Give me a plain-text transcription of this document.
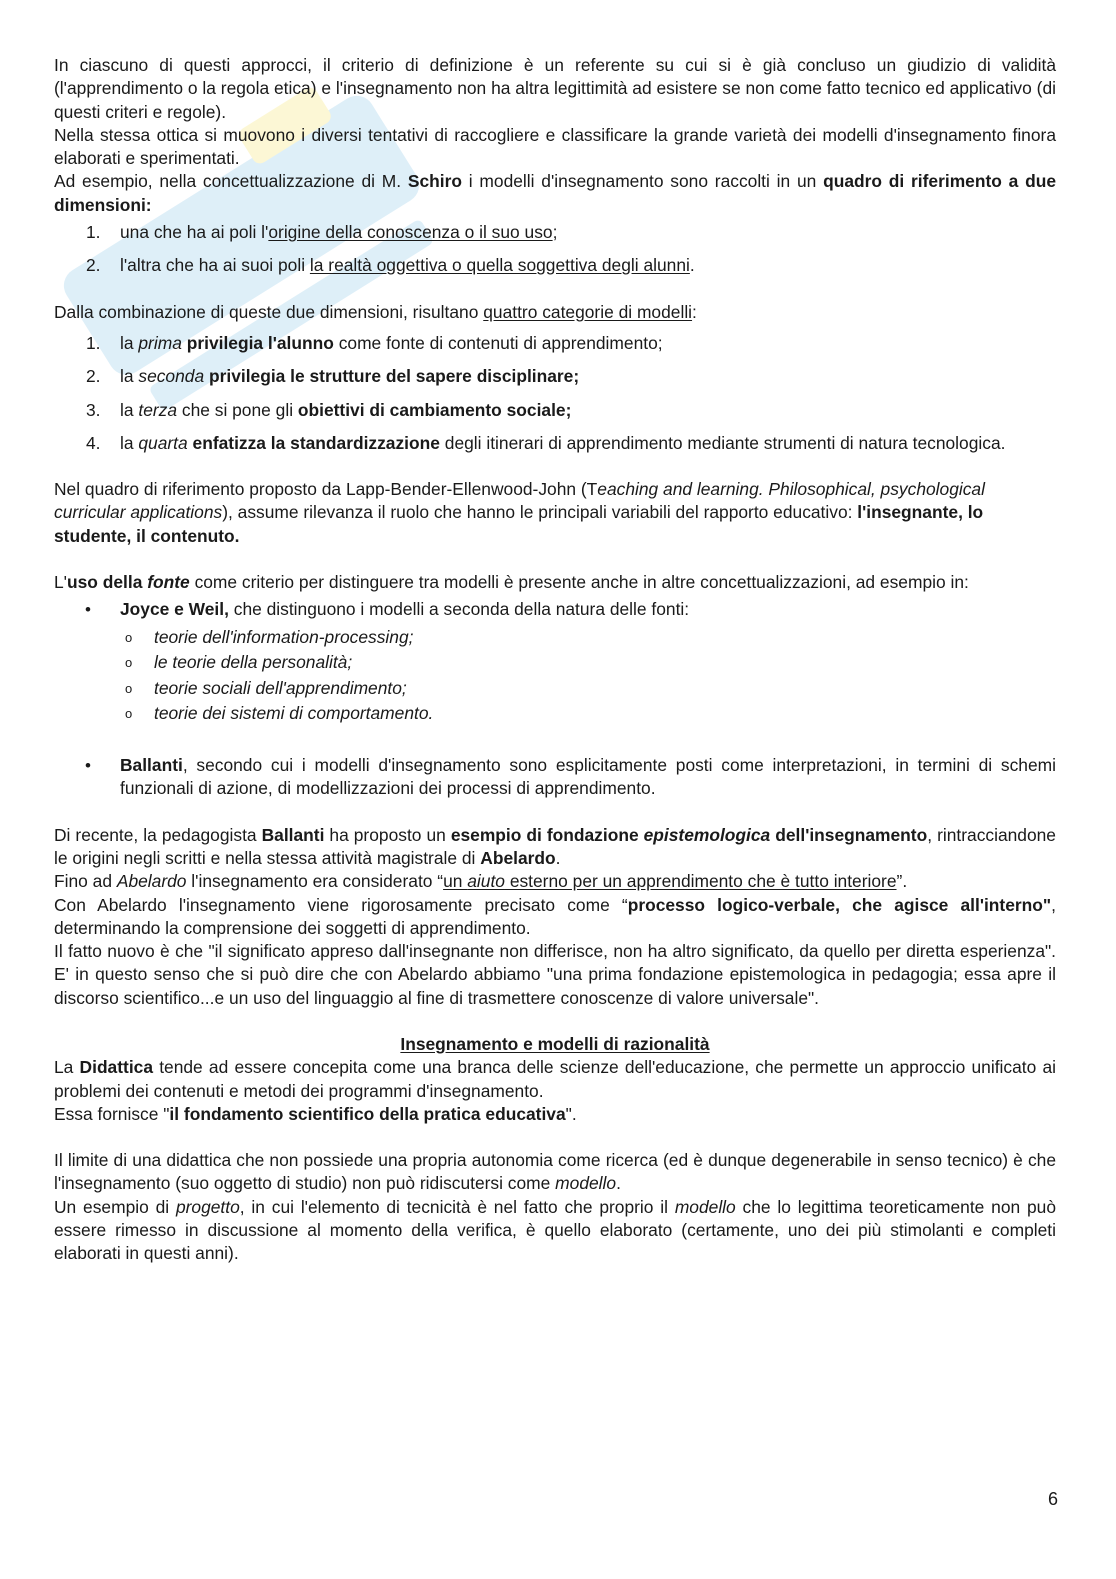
In ciascuno di questi approcci, il criterio di definizione è un referente su cui si è già concluso un giudizio di validità (l'apprendimento o la regola etica) e l'insegnamento non ha altra legittimità ad esistere se non come fatto tecnico ed applicativo (di questi criteri e regole).

Nella stessa ottica si muovono i diversi tentativi di raccogliere e classificare la grande varietà dei modelli d'insegnamento finora elaborati e sperimentati.

Ad esempio, nella concettualizzazione di M. Schiro i modelli d'insegnamento sono raccolti in un quadro di riferimento a due dimensioni:

1. una che ha ai poli l'origine della conoscenza o il suo uso;
2. l'altra che ha ai suoi poli la realtà oggettiva o quella soggettiva degli alunni.

Dalla combinazione di queste due dimensioni, risultano quattro categorie di modelli:

1. la prima privilegia l'alunno come fonte di contenuti di apprendimento;
2. la seconda privilegia le strutture del sapere disciplinare;
3. la terza che si pone gli obiettivi di cambiamento sociale;
4. la quarta enfatizza la standardizzazione degli itinerari di apprendimento mediante strumenti di natura tecnologica.

Nel quadro di riferimento proposto da Lapp-Bender-Ellenwood-John (Teaching and learning. Philosophical, psychological curricular applications), assume rilevanza il ruolo che hanno le principali variabili del rapporto educativo: l'insegnante, lo studente, il contenuto.

L'uso della fonte come criterio per distinguere tra modelli è presente anche in altre concettualizzazioni, ad esempio in:

• Joyce e Weil, che distinguono i modelli a seconda della natura delle fonti:
o teorie dell'information-processing;
o le teorie della personalità;
o teorie sociali dell'apprendimento;
o teorie dei sistemi di comportamento.
• Ballanti, secondo cui i modelli d'insegnamento sono esplicitamente posti come interpretazioni, in termini di schemi funzionali di azione, di modellizzazioni dei processi di apprendimento.

Di recente, la pedagogista Ballanti ha proposto un esempio di fondazione epistemologica dell'insegnamento, rintracciandone le origini negli scritti e nella stessa attività magistrale di Abelardo.

Fino ad Abelardo l'insegnamento era considerato “un aiuto esterno per un apprendimento che è tutto interiore”.

Con Abelardo l'insegnamento viene rigorosamente precisato come “processo logico-verbale, che agisce all'interno", determinando la comprensione dei soggetti di apprendimento.

Il fatto nuovo è che "il significato appreso dall'insegnante non differisce, non ha altro significato, da quello per diretta esperienza". E' in questo senso che si può dire che con Abelardo abbiamo "una prima fondazione epistemologica in pedagogia; essa apre il discorso scientifico...e un uso del linguaggio al fine di trasmettere conoscenze di valore universale".

Insegnamento e modelli di razionalità

La Didattica tende ad essere concepita come una branca delle scienze dell'educazione, che permette un approccio unificato ai problemi dei contenuti e metodi dei programmi d'insegnamento.

Essa fornisce "il fondamento scientifico della pratica educativa".

Il limite di una didattica che non possiede una propria autonomia come ricerca (ed è dunque degenerabile in senso tecnico) è che l'insegnamento (suo oggetto di studio) non può ridiscutersi come modello.

Un esempio di progetto, in cui l'elemento di tecnicità è nel fatto che proprio il modello che lo legittima teoreticamente non può essere rimesso in discussione al momento della verifica, è quello elaborato (certamente, uno dei più stimolanti e completi elaborati in questi anni).

6
